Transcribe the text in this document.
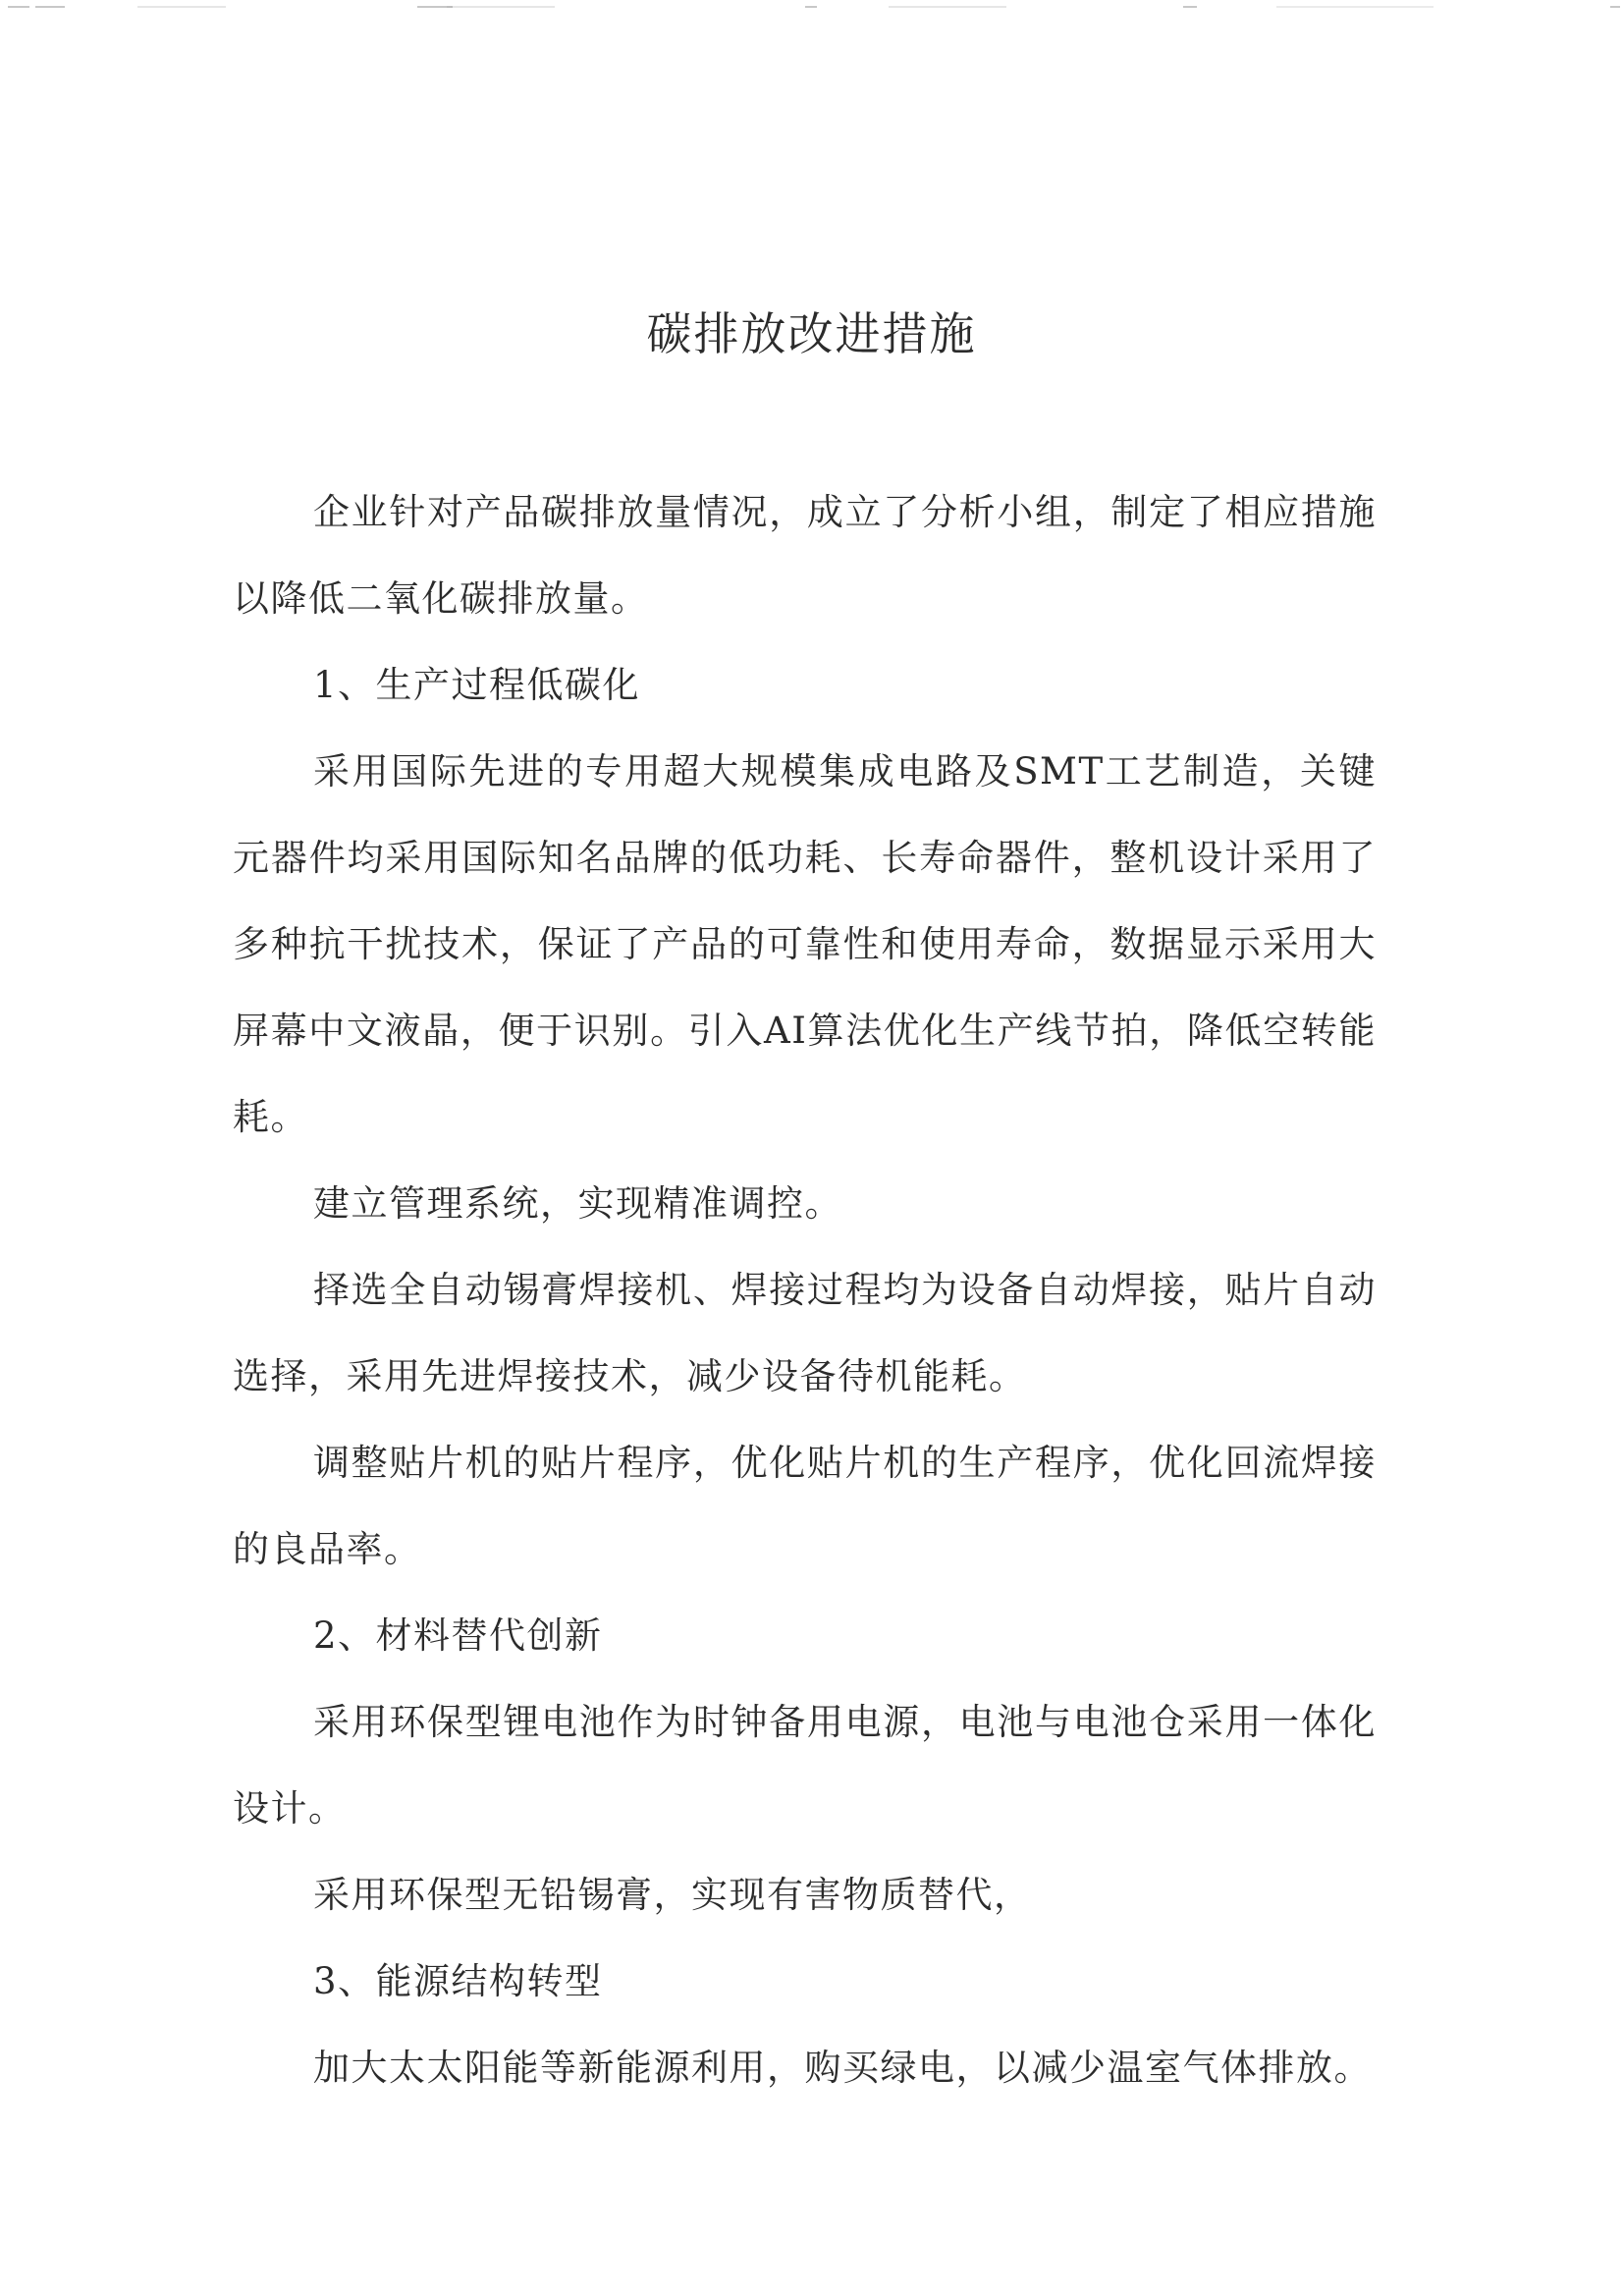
碳排放改进措施

企业针对产品碳排放量情况，成立了分析小组，制定了相应措施以降低二氧化碳排放量。

1、生产过程低碳化

采用国际先进的专用超大规模集成电路及SMT工艺制造，关键元器件均采用国际知名品牌的低功耗、长寿命器件，整机设计采用了多种抗干扰技术，保证了产品的可靠性和使用寿命，数据显示采用大屏幕中文液晶，便于识别。引入AI算法优化生产线节拍，降低空转能耗。

建立管理系统，实现精准调控。

择选全自动锡膏焊接机、焊接过程均为设备自动焊接，贴片自动选择，采用先进焊接技术，减少设备待机能耗。

调整贴片机的贴片程序，优化贴片机的生产程序，优化回流焊接的良品率。

2、材料替代创新

采用环保型锂电池作为时钟备用电源，电池与电池仓采用一体化设计。

采用环保型无铅锡膏，实现有害物质替代，

3、能源结构转型

加大太太阳能等新能源利用，购买绿电，以减少温室气体排放。
